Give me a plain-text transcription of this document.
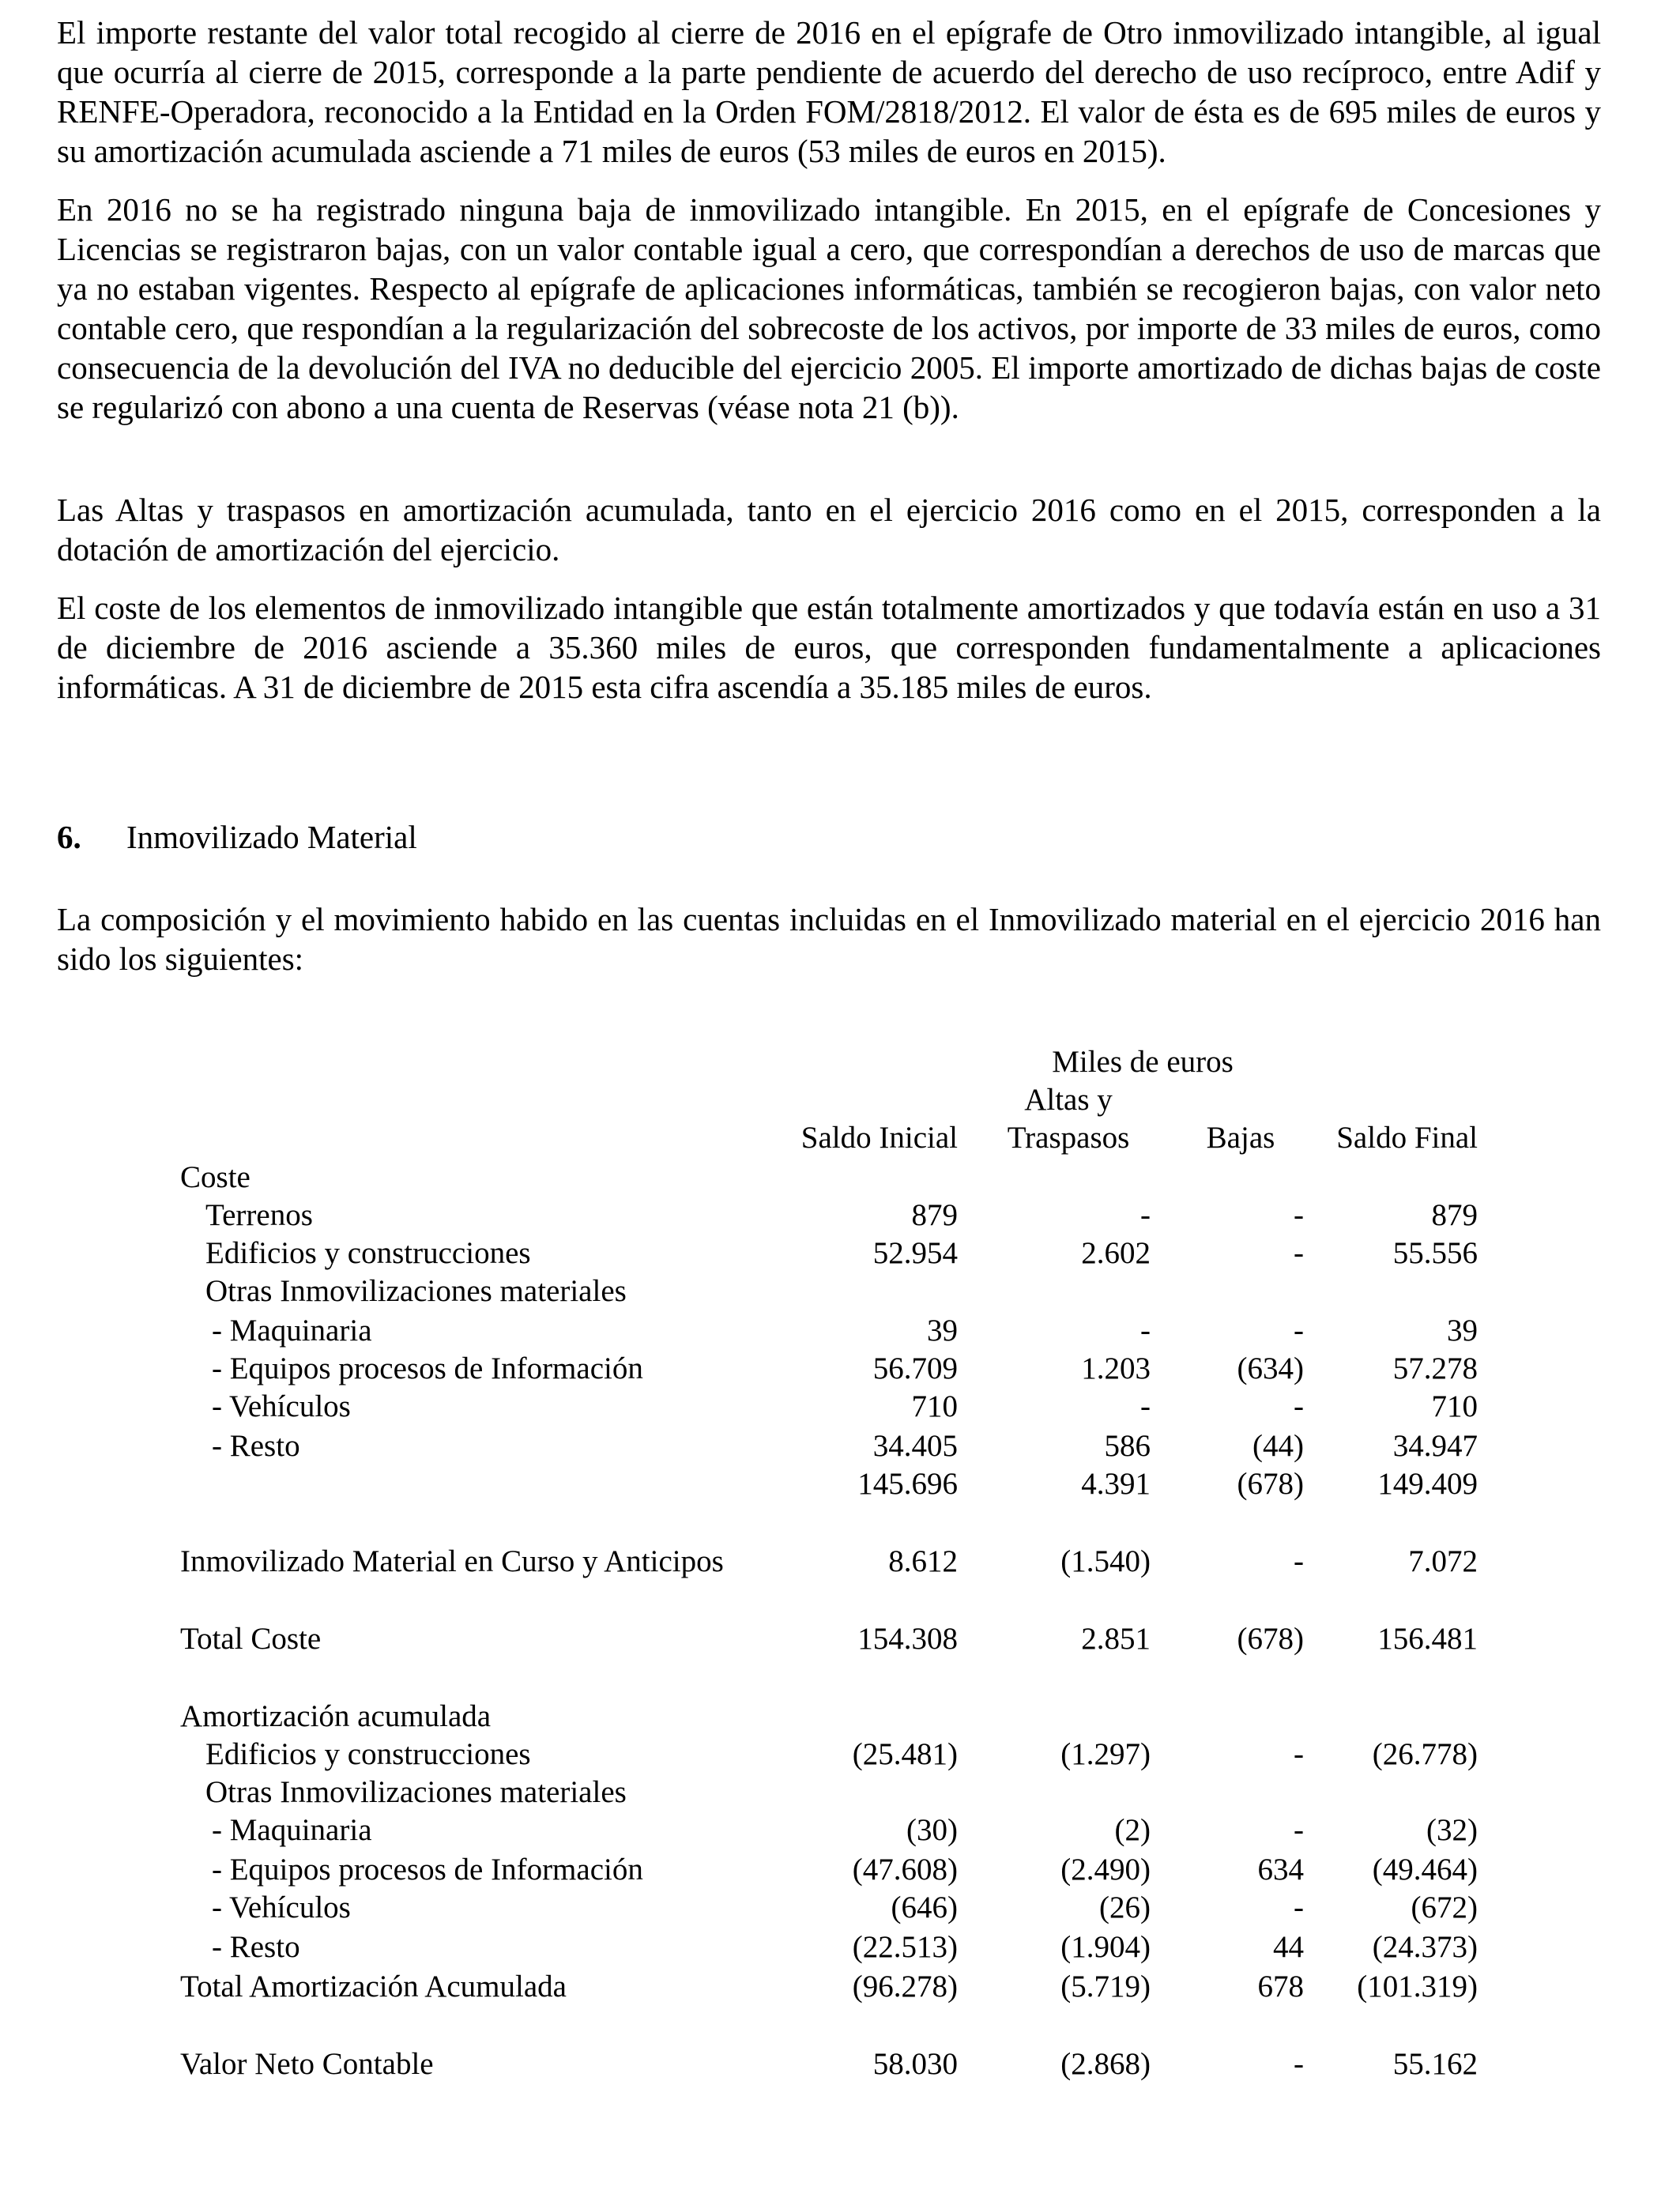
El importe restante del valor total recogido al cierre de 2016 en el epígrafe de Otro inmovilizado intangible, al igual que ocurría al cierre de 2015, corresponde a la parte pendiente de acuerdo del derecho de uso recíproco, entre Adif y RENFE-Operadora, reconocido a la Entidad en la Orden FOM/2818/2012. El valor de ésta es de 695 miles de euros y su amortización acumulada asciende a 71 miles de euros (53 miles de euros en 2015).

En 2016 no se ha registrado ninguna baja de inmovilizado intangible. En 2015, en el epígrafe de Concesiones y Licencias se registraron bajas, con un valor contable igual a cero, que correspondían a derechos de uso de marcas que ya no estaban vigentes. Respecto al epígrafe de aplicaciones informáticas, también se recogieron bajas, con valor neto contable cero, que respondían a la regularización del sobrecoste de los activos, por importe de 33 miles de euros, como consecuencia de la devolución del IVA no deducible del ejercicio 2005. El importe amortizado de dichas bajas de coste se regularizó con abono a una cuenta de Reservas (véase nota 21 (b)).

Las Altas y traspasos en amortización acumulada, tanto en el ejercicio 2016 como en el 2015, corresponden a la dotación de amortización del ejercicio.

El coste de los elementos de inmovilizado intangible que están totalmente amortizados y que todavía están en uso a 31 de diciembre de 2016 asciende a 35.360 miles de euros, que corresponden fundamentalmente a aplicaciones informáticas. A 31 de diciembre de 2015 esta cifra ascendía a 35.185 miles de euros.

6. Inmovilizado Material

La composición y el movimiento habido en las cuentas incluidas en el Inmovilizado material en el ejercicio 2016 han sido los siguientes:

Miles de euros
Altas y
Saldo Inicial	Traspasos	Bajas	Saldo Final
Coste
Terrenos	879	-	-	879
Edificios y construcciones	52.954	2.602	-	55.556
Otras Inmovilizaciones materiales
- Maquinaria	39	-	-	39
- Equipos procesos de Información	56.709	1.203	(634)	57.278
- Vehículos	710	-	-	710
- Resto	34.405	586	(44)	34.947
145.696	4.391	(678)	149.409
Inmovilizado Material en Curso y Anticipos	8.612	(1.540)	-	7.072
Total Coste	154.308	2.851	(678)	156.481
Amortización acumulada
Edificios y construcciones	(25.481)	(1.297)	-	(26.778)
Otras Inmovilizaciones materiales
- Maquinaria	(30)	(2)	-	(32)
- Equipos procesos de Información	(47.608)	(2.490)	634	(49.464)
- Vehículos	(646)	(26)	-	(672)
- Resto	(22.513)	(1.904)	44	(24.373)
Total Amortización Acumulada	(96.278)	(5.719)	678	(101.319)
Valor Neto Contable	58.030	(2.868)	-	55.162
